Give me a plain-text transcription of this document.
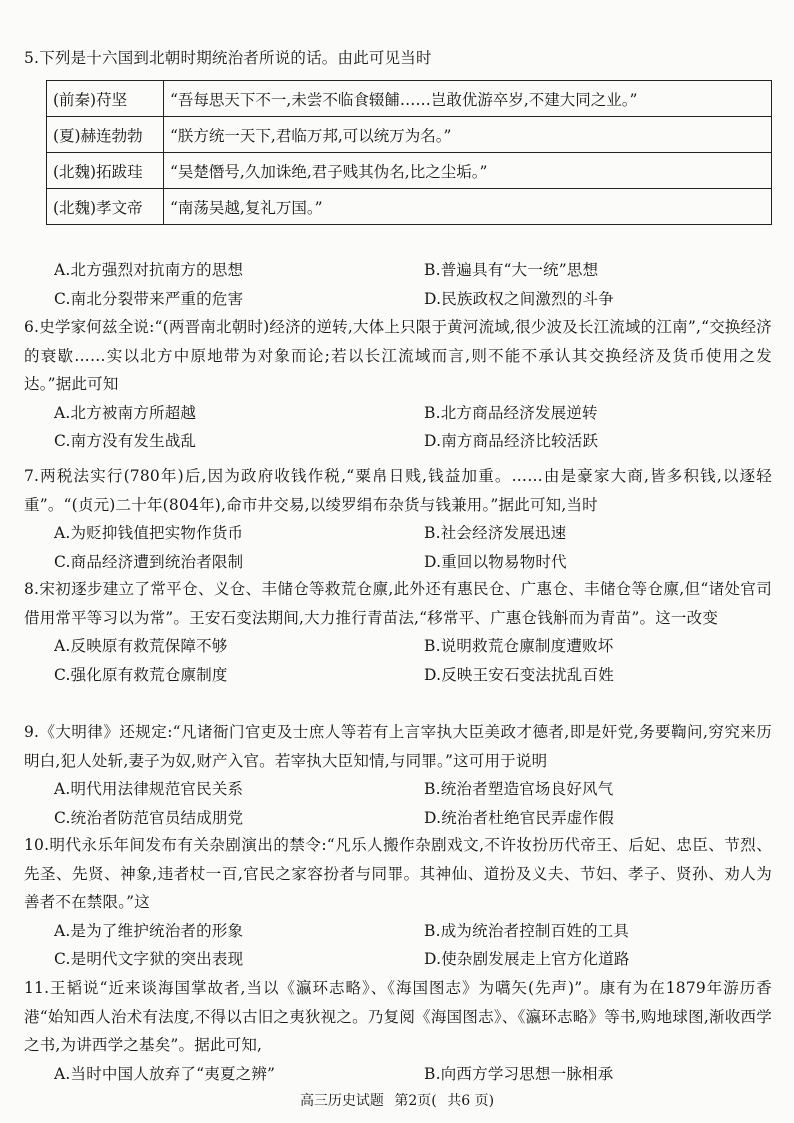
5.下列是十六国到北朝时期统治者所说的话。由此可见当时
(前秦)苻坚	“吾每思天下不一,未尝不临食辍餔……岂敢优游卒岁,不建大同之业。”
(夏)赫连勃勃	“朕方统一天下,君临万邦,可以统万为名。”
(北魏)拓跋珪	“吴楚僭号,久加诛绝,君子贱其伪名,比之尘垢。”
(北魏)孝文帝	“南荡吴越,复礼万国。”
A.北方强烈对抗南方的思想	B.普遍具有“大一统”思想
C.南北分裂带来严重的危害	D.民族政权之间激烈的斗争
6.史学家何兹全说:“(两晋南北朝时)经济的逆转,大体上只限于黄河流域,很少波及长江流域的江南”,“交换经济的衰歇……实以北方中原地带为对象而论;若以长江流域而言,则不能不承认其交换经济及货币使用之发达。”据此可知
A.北方被南方所超越	B.北方商品经济发展逆转
C.南方没有发生战乱	D.南方商品经济比较活跃
7.两税法实行(780年)后,因为政府收钱作税,“粟帛日贱,钱益加重。……由是豪家大商,皆多积钱,以逐轻重”。“(贞元)二十年(804年),命市井交易,以绫罗绢布杂货与钱兼用。”据此可知,当时
A.为贬抑钱值把实物作货币	B.社会经济发展迅速
C.商品经济遭到统治者限制	D.重回以物易物时代
8.宋初逐步建立了常平仓、义仓、丰储仓等救荒仓廪,此外还有惠民仓、广惠仓、丰储仓等仓廪,但“诸处官司借用常平等习以为常”。王安石变法期间,大力推行青苗法,“移常平、广惠仓钱斛而为青苗”。这一改变
A.反映原有救荒保障不够	B.说明救荒仓廪制度遭败坏
C.强化原有救荒仓廪制度	D.反映王安石变法扰乱百姓
9.《大明律》还规定:“凡诸衙门官吏及士庶人等若有上言宰执大臣美政才德者,即是奸党,务要鞫问,穷究来历明白,犯人处斩,妻子为奴,财产入官。若宰执大臣知情,与同罪。”这可用于说明
A.明代用法律规范官民关系	B.统治者塑造官场良好风气
C.统治者防范官员结成朋党	D.统治者杜绝官民弄虚作假
10.明代永乐年间发布有关杂剧演出的禁令:“凡乐人搬作杂剧戏文,不许妆扮历代帝王、后妃、忠臣、节烈、先圣、先贤、神象,违者杖一百,官民之家容扮者与同罪。其神仙、道扮及义夫、节妇、孝子、贤孙、劝人为善者不在禁限。”这
A.是为了维护统治者的形象	B.成为统治者控制百姓的工具
C.是明代文字狱的突出表现	D.使杂剧发展走上官方化道路
11.王韬说“近来谈海国掌故者,当以《瀛环志略》、《海国图志》为嚆矢(先声)”。康有为在1879年游历香港“始知西人治术有法度,不得以古旧之夷狄视之。乃复阅《海国图志》、《瀛环志略》等书,购地球图,渐收西学之书,为讲西学之基矣”。据此可知,
A.当时中国人放弃了“夷夏之辨”	B.向西方学习思想一脉相承
高三历史试题 第2页( 共6 页)
